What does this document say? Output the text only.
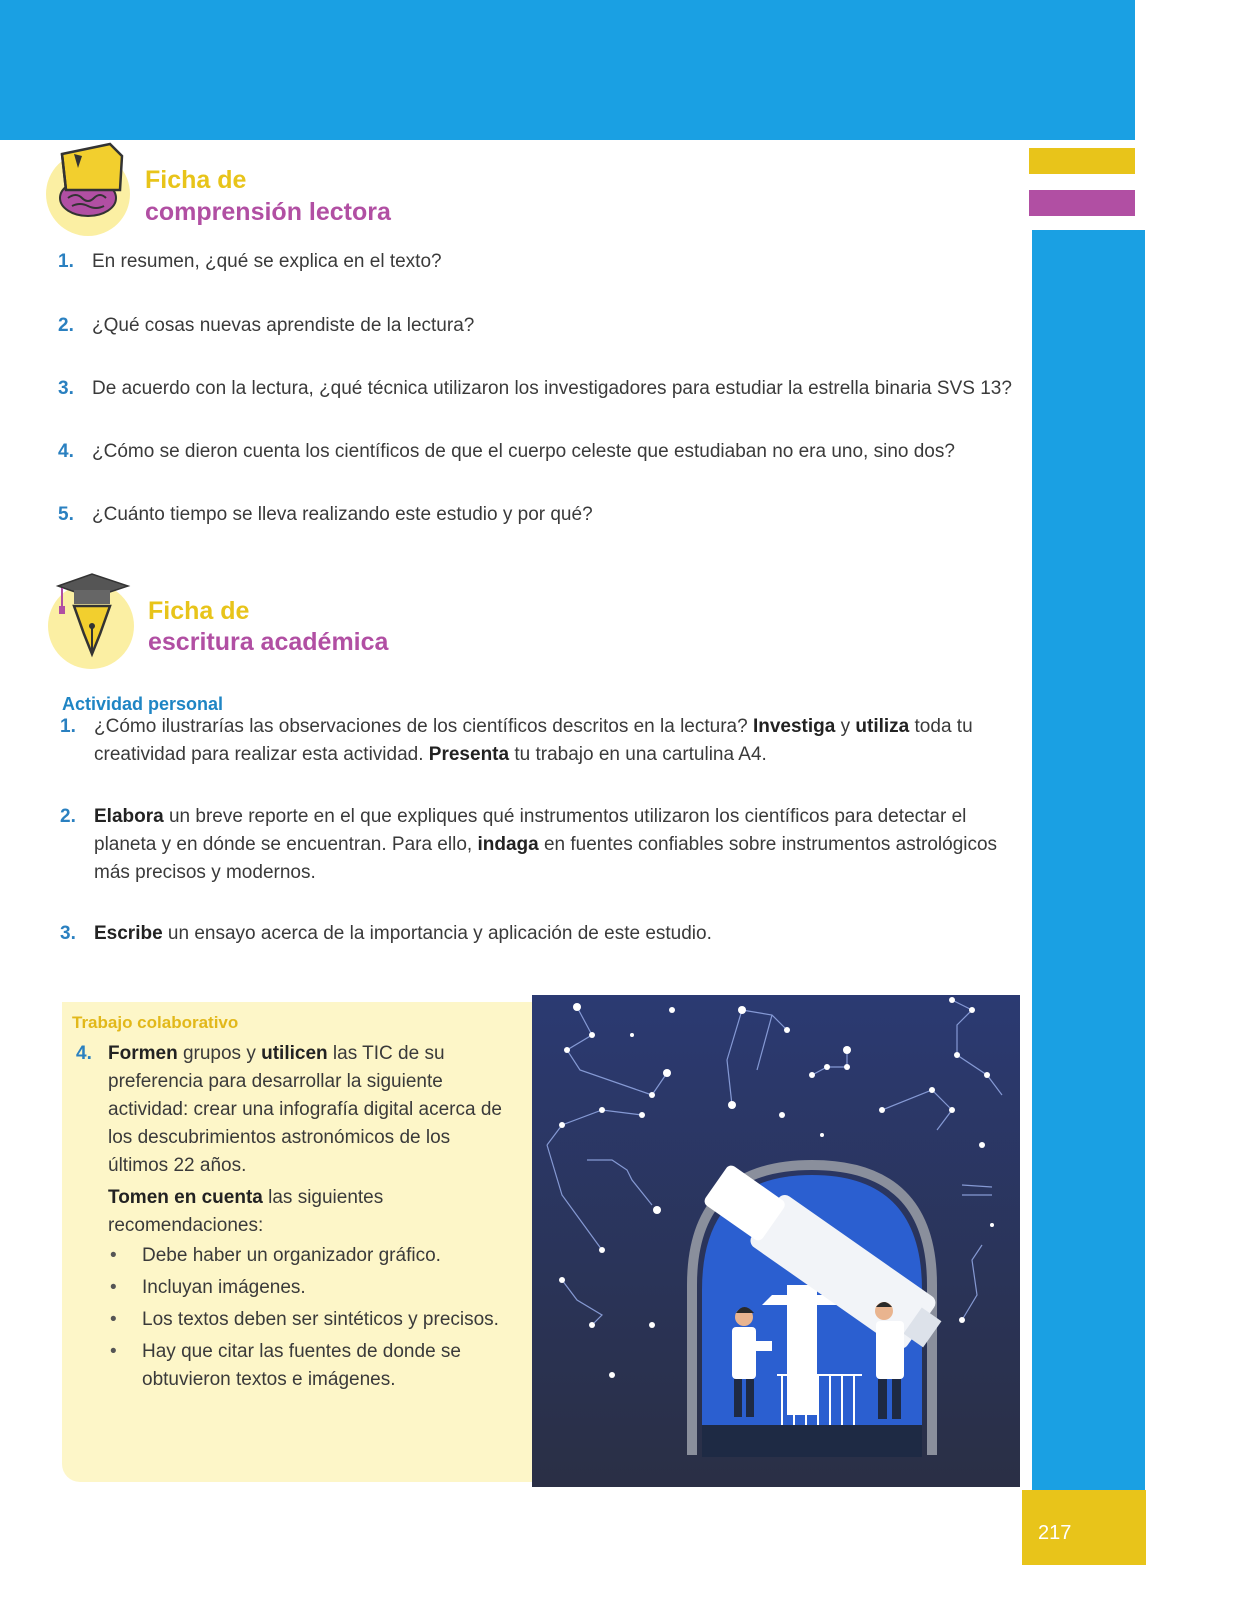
217
Ficha de
comprensión lectora
1. En resumen, ¿qué se explica en el texto?
2. ¿Qué cosas nuevas aprendiste de la lectura?
3. De acuerdo con la lectura, ¿qué técnica utilizaron los investigadores para estudiar la estrella binaria SVS 13?
4. ¿Cómo se dieron cuenta los científicos de que el cuerpo celeste que estudiaban no era uno, sino dos?
5. ¿Cuánto tiempo se lleva realizando este estudio y por qué?
Ficha de
escritura académica
Actividad personal
1. ¿Cómo ilustrarías las observaciones de los científicos descritos en la lectura? Investiga y utiliza toda tu creatividad para realizar esta actividad. Presenta tu trabajo en una cartulina A4.
2. Elabora un breve reporte en el que expliques qué instrumentos utilizaron los científicos para detectar el planeta y en dónde se encuentran. Para ello, indaga en fuentes confiables sobre instrumentos astrológicos más precisos y modernos.
3. Escribe un ensayo acerca de la importancia y aplicación de este estudio.
Trabajo colaborativo
4. Formen grupos y utilicen las TIC de su preferencia para desarrollar la siguiente actividad: crear una infografía digital acerca de los descubrimientos astronómicos de los últimos 22 años.
Tomen en cuenta las siguientes recomendaciones:
• Debe haber un organizador gráfico.
• Incluyan imágenes.
• Los textos deben ser sintéticos y precisos.
• Hay que citar las fuentes de donde se obtuvieron textos e imágenes.
